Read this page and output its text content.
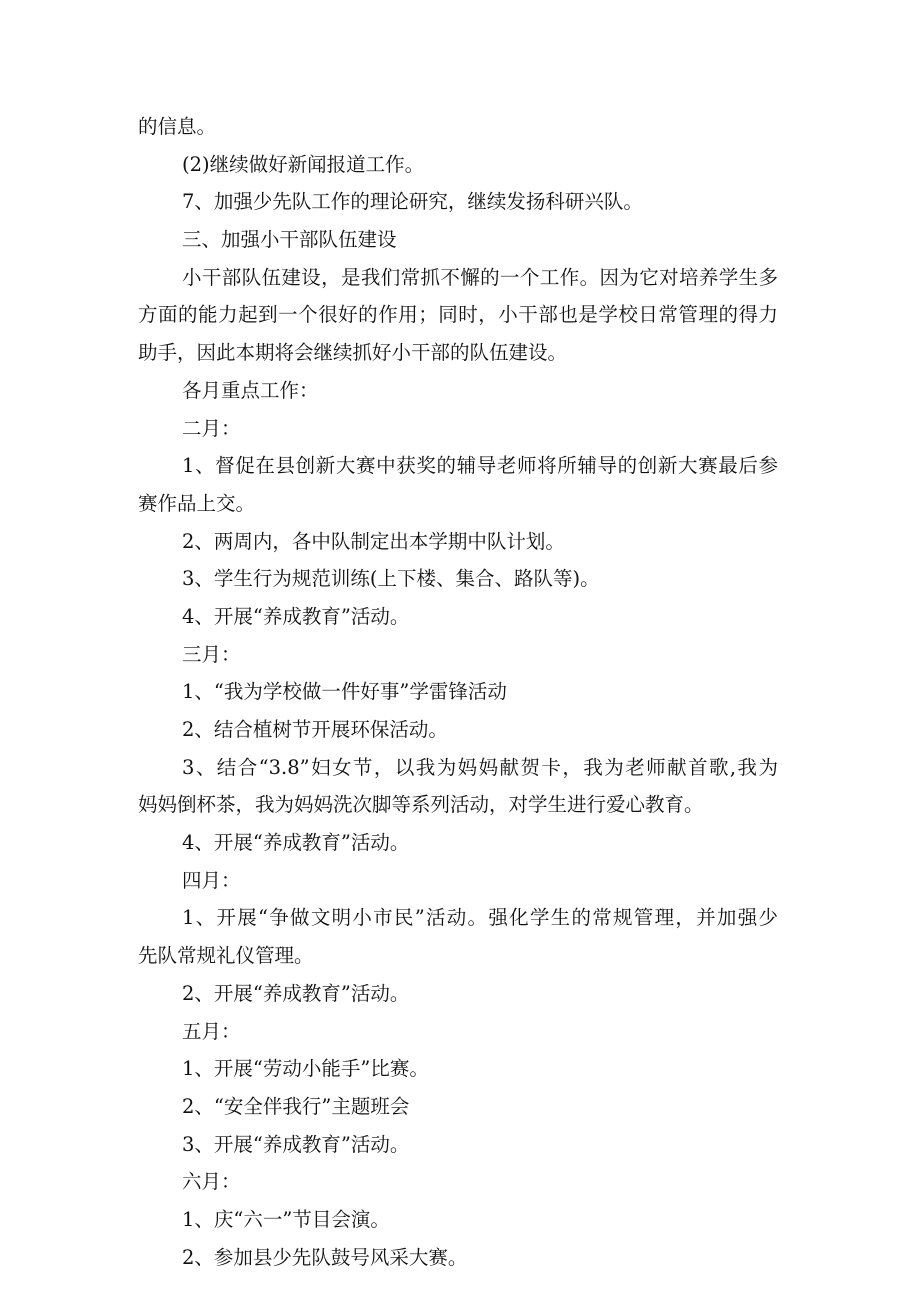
的信息。

(2)继续做好新闻报道工作。

7、加强少先队工作的理论研究，继续发扬科研兴队。

三、加强小干部队伍建设

小干部队伍建设，是我们常抓不懈的一个工作。因为它对培养学生多

方面的能力起到一个很好的作用；同时，小干部也是学校日常管理的得力

助手，因此本期将会继续抓好小干部的队伍建设。

各月重点工作：

二月：

1、督促在县创新大赛中获奖的辅导老师将所辅导的创新大赛最后参

赛作品上交。

2、两周内，各中队制定出本学期中队计划。

3、学生行为规范训练(上下楼、集合、路队等)。

4、开展“养成教育”活动。

三月：

1、“我为学校做一件好事”学雷锋活动

2、结合植树节开展环保活动。

3、结合“3.8”妇女节，以我为妈妈献贺卡，我为老师献首歌,我为

妈妈倒杯茶，我为妈妈洗次脚等系列活动，对学生进行爱心教育。

4、开展“养成教育”活动。

四月：

1、开展“争做文明小市民”活动。强化学生的常规管理，并加强少

先队常规礼仪管理。

2、开展“养成教育”活动。

五月：

1、开展“劳动小能手”比赛。

2、“安全伴我行”主题班会

3、开展“养成教育”活动。

六月：

1、庆“六一”节目会演。

2、参加县少先队鼓号风采大赛。
